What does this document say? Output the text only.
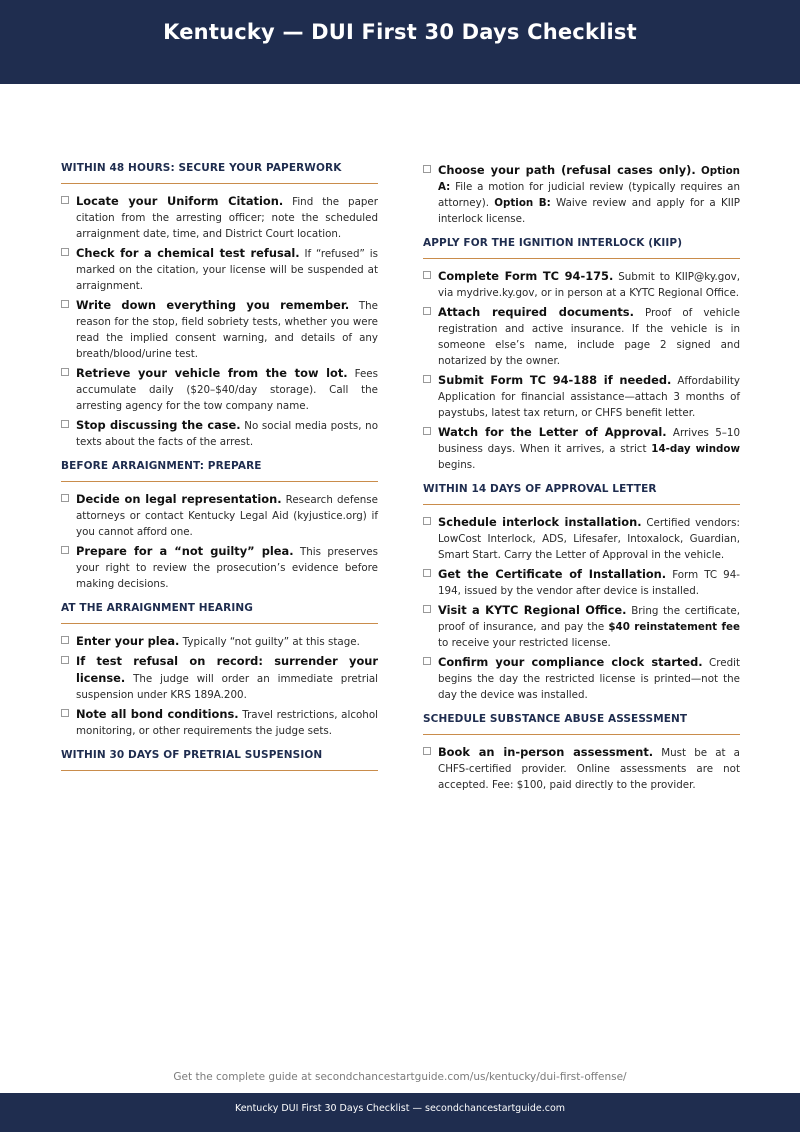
Kentucky — DUI First 30 Days Checklist
WITHIN 48 HOURS: SECURE YOUR PAPERWORK
Locate your Uniform Citation. Find the paper citation from the arresting officer; note the scheduled arraignment date, time, and District Court location.
Check for a chemical test refusal. If “refused” is marked on the citation, your license will be suspended at arraignment.
Write down everything you remember. The reason for the stop, field sobriety tests, whether you were read the implied consent warning, and details of any breath/blood/urine test.
Retrieve your vehicle from the tow lot. Fees accumulate daily ($20–$40/day storage). Call the arresting agency for the tow company name.
Stop discussing the case. No social media posts, no texts about the facts of the arrest.
BEFORE ARRAIGNMENT: PREPARE
Decide on legal representation. Research defense attorneys or contact Kentucky Legal Aid (kyjustice.org) if you cannot afford one.
Prepare for a “not guilty” plea. This preserves your right to review the prosecution’s evidence before making decisions.
AT THE ARRAIGNMENT HEARING
Enter your plea. Typically “not guilty” at this stage.
If test refusal on record: surrender your license. The judge will order an immediate pretrial suspension under KRS 189A.200.
Note all bond conditions. Travel restrictions, alcohol monitoring, or other requirements the judge sets.
WITHIN 30 DAYS OF PRETRIAL SUSPENSION
Choose your path (refusal cases only). Option A: File a motion for judicial review (typically requires an attorney). Option B: Waive review and apply for a KIIP interlock license.
APPLY FOR THE IGNITION INTERLOCK (KIIP)
Complete Form TC 94-175. Submit to KIIP@ky.gov, via mydrive.ky.gov, or in person at a KYTC Regional Office.
Attach required documents. Proof of vehicle registration and active insurance. If the vehicle is in someone else’s name, include page 2 signed and notarized by the owner.
Submit Form TC 94-188 if needed. Affordability Application for financial assistance—attach 3 months of paystubs, latest tax return, or CHFS benefit letter.
Watch for the Letter of Approval. Arrives 5–10 business days. When it arrives, a strict 14-day window begins.
WITHIN 14 DAYS OF APPROVAL LETTER
Schedule interlock installation. Certified vendors: LowCost Interlock, ADS, Lifesafer, Intoxalock, Guardian, Smart Start. Carry the Letter of Approval in the vehicle.
Get the Certificate of Installation. Form TC 94-194, issued by the vendor after device is installed.
Visit a KYTC Regional Office. Bring the certificate, proof of insurance, and pay the $40 reinstatement fee to receive your restricted license.
Confirm your compliance clock started. Credit begins the day the restricted license is printed—not the day the device was installed.
SCHEDULE SUBSTANCE ABUSE ASSESSMENT
Book an in-person assessment. Must be at a CHFS-certified provider. Online assessments are not accepted. Fee: $100, paid directly to the provider.
Get the complete guide at secondchancestartguide.com/us/kentucky/dui-first-offense/
Kentucky DUI First 30 Days Checklist — secondchancestartguide.com
